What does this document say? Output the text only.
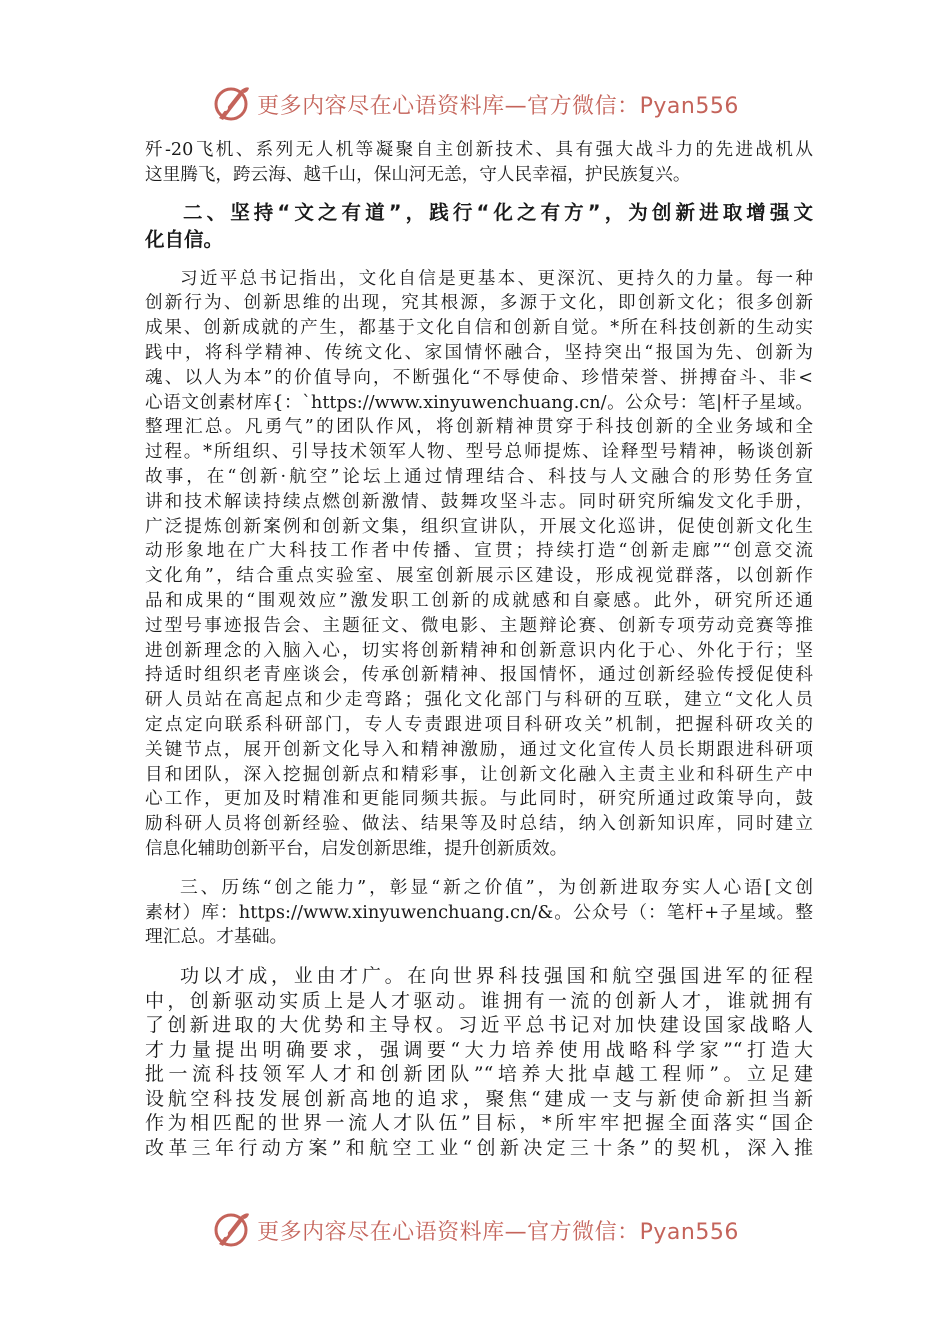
更多内容尽在心语资料库—官方微信：Pyan556
歼-20飞机、系列无人机等凝聚自主创新技术、具有强大战斗力的先进战机从
这里腾飞，跨云海、越千山，保山河无恙，守人民幸福，护民族复兴。
二、坚持“文之有道”，践行“化之有方”，为创新进取增强文
化自信。
习近平总书记指出，文化自信是更基本、更深沉、更持久的力量。每一种
创新行为、创新思维的出现，究其根源，多源于文化，即创新文化；很多创新
成果、创新成就的产生，都基于文化自信和创新自觉。*所在科技创新的生动实
践中，将科学精神、传统文化、家国情怀融合，坚持突出“报国为先、创新为
魂、以人为本”的价值导向，不断强化“不辱使命、珍惜荣誉、拼搏奋斗、非<
心语文创素材库{：`https://www.xinyuwenchuang.cn/。公众号：笔|杆子星域。
整理汇总。凡勇气”的团队作风，将创新精神贯穿于科技创新的全业务域和全
过程。*所组织、引导技术领军人物、型号总师提炼、诠释型号精神，畅谈创新
故事，在“创新·航空”论坛上通过情理结合、科技与人文融合的形势任务宣
讲和技术解读持续点燃创新激情、鼓舞攻坚斗志。同时研究所编发文化手册，
广泛提炼创新案例和创新文集，组织宣讲队，开展文化巡讲，促使创新文化生
动形象地在广大科技工作者中传播、宣贯；持续打造“创新走廊”“创意交流
文化角”，结合重点实验室、展室创新展示区建设，形成视觉群落，以创新作
品和成果的“围观效应”激发职工创新的成就感和自豪感。此外，研究所还通
过型号事迹报告会、主题征文、微电影、主题辩论赛、创新专项劳动竞赛等推
进创新理念的入脑入心，切实将创新精神和创新意识内化于心、外化于行；坚
持适时组织老青座谈会，传承创新精神、报国情怀，通过创新经验传授促使科
研人员站在高起点和少走弯路；强化文化部门与科研的互联，建立“文化人员
定点定向联系科研部门，专人专责跟进项目科研攻关”机制，把握科研攻关的
关键节点，展开创新文化导入和精神激励，通过文化宣传人员长期跟进科研项
目和团队，深入挖掘创新点和精彩事，让创新文化融入主责主业和科研生产中
心工作，更加及时精准和更能同频共振。与此同时，研究所通过政策导向，鼓
励科研人员将创新经验、做法、结果等及时总结，纳入创新知识库，同时建立
信息化辅助创新平台，启发创新思维，提升创新质效。
三、历练“创之能力”，彰显“新之价值”，为创新进取夯实人心语[文创
素材）库：https://www.xinyuwenchuang.cn/&。公众号（：笔杆+子星域。整
理汇总。才基础。
功以才成，业由才广。在向世界科技强国和航空强国进军的征程
中，创新驱动实质上是人才驱动。谁拥有一流的创新人才，谁就拥有
了创新进取的大优势和主导权。习近平总书记对加快建设国家战略人
才力量提出明确要求，强调要“大力培养使用战略科学家”“打造大
批一流科技领军人才和创新团队”“培养大批卓越工程师”。立足建
设航空科技发展创新高地的追求，聚焦“建成一支与新使命新担当新
作为相匹配的世界一流人才队伍”目标，*所牢牢把握全面落实“国企
改革三年行动方案”和航空工业“创新决定三十条”的契机，深入推
更多内容尽在心语资料库—官方微信：Pyan556
